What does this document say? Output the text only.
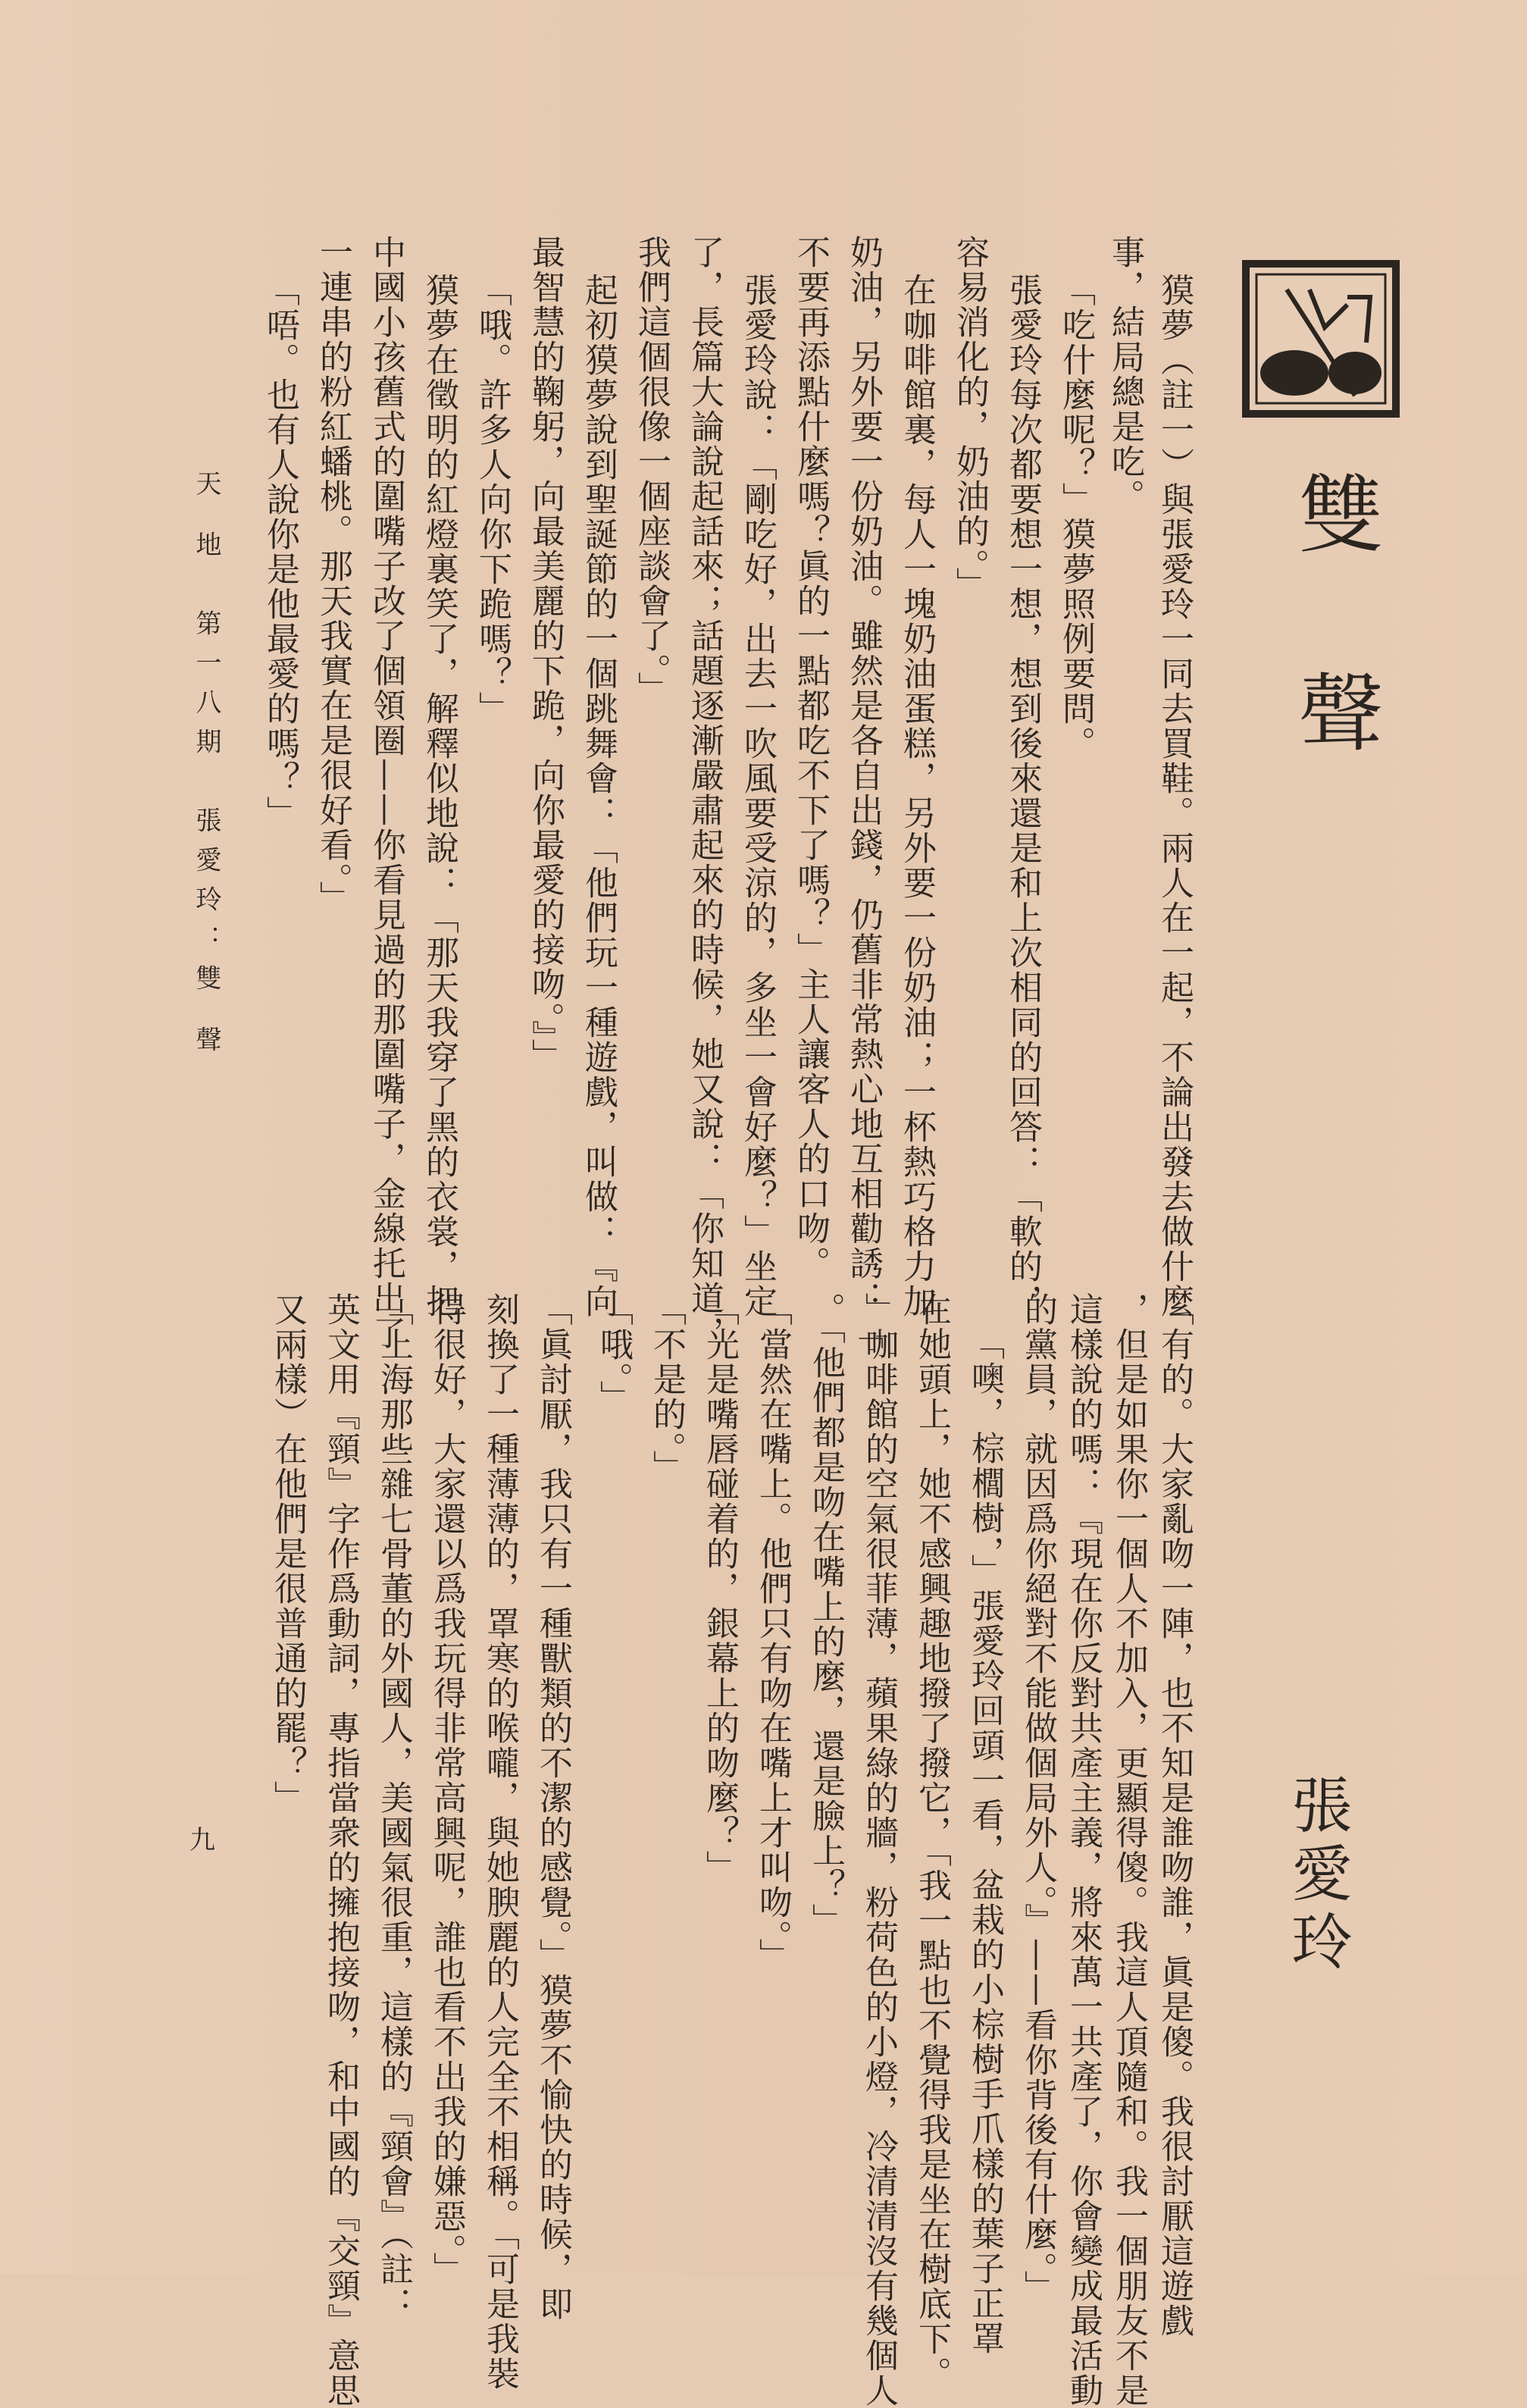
雙聲
張愛玲
「有的。大家亂吻一陣，也不知是誰吻誰，眞是傻。我很討厭這遊戲
，但是如果你一個人不加入，更顯得傻。我這人頂隨和。我一個朋友不是
這樣說的嗎：『現在你反對共產主義，將來萬一共產了，你會變成最活動
的黨員，就因爲你絕對不能做個局外人。』——看你背後有什麼。」
「噢，棕櫚樹，」張愛玲回頭一看，盆栽的小棕樹手爪樣的葉子正罩
在她頭上，她不感興趣地撥了撥它，「我一點也不覺得我是坐在樹底下。
」咖啡館的空氣很菲薄，蘋果綠的牆，粉荷色的小燈，冷清清沒有幾個人
。「他們都是吻在嘴上的麼，還是臉上？」
「當然在嘴上。他們只有吻在嘴上才叫吻。」
「光是嘴唇碰着的，銀幕上的吻麼？」
「不是的。」
「哦。」
「眞討厭，我只有一種獸類的不潔的感覺。」獏夢不愉快的時候，即
刻換了一種薄薄的，罩寒的喉嚨，與她腴麗的人完全不相稱。「可是我裝
得很好，大家還以爲我玩得非常高興呢，誰也看不出我的嫌惡。」
「上海那些雜七骨董的外國人，美國氣很重，這樣的『頸會』（註：
英文用『頸』字作爲動詞，專指當衆的擁抱接吻，和中國的『交頸』意思
又兩樣）在他們是很普通的罷？」
獏夢（註一）與張愛玲一同去買鞋。兩人在一起，不論出發去做什麼
事，結局總是吃。
「吃什麼呢？」獏夢照例要問。
張愛玲每次都要想一想，想到後來還是和上次相同的回答：「軟的，
容易消化的，奶油的。」
在咖啡館裏，每人一塊奶油蛋糕，另外要一份奶油；一杯熱巧格力加
奶油，另外要一份奶油。雖然是各自出錢，仍舊非常熱心地互相勸誘：「
不要再添點什麼嗎？眞的一點都吃不下了嗎？」主人讓客人的口吻。
張愛玲說：「剛吃好，出去一吹風要受涼的，多坐一會好麼？」坐定
了，長篇大論說起話來；話題逐漸嚴肅起來的時候，她又說：「你知道，
我們這個很像一個座談會了。」
起初獏夢說到聖誕節的一個跳舞會：「他們玩一種遊戲，叫做：『向
最智慧的鞠躬，向最美麗的下跪，向你最愛的接吻。』」
「哦。許多人向你下跪嗎？」
獏夢在徵明的紅燈裏笑了，解釋似地說：「那天我穿了黑的衣裳，把
中國小孩舊式的圍嘴子改了個領圈——你看見過的那圍嘴子，金線托出了
一連串的粉紅蟠桃。那天我實在是很好看。」
「唔。也有人說你是他最愛的嗎？」
天 地　第一八期　張愛玲：雙 聲
九
